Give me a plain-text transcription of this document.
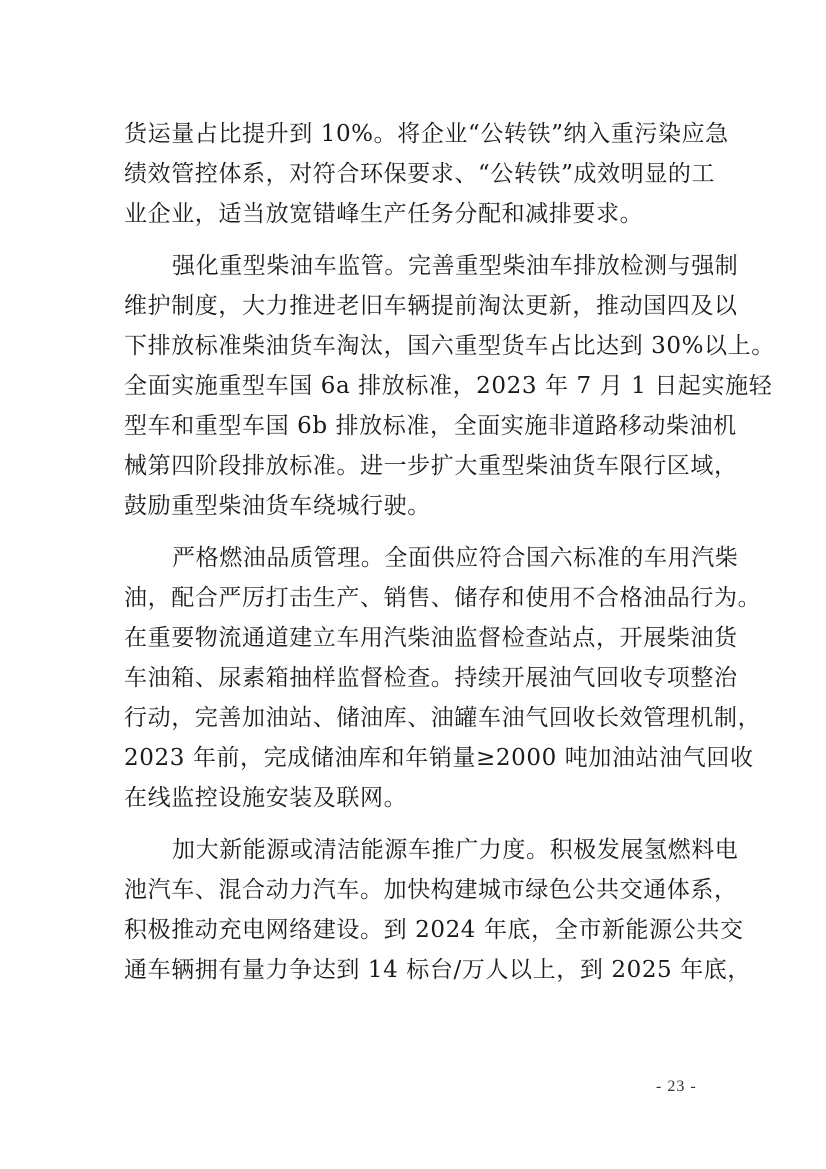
货运量占比提升到 10%。将企业“公转铁”纳入重污染应急
绩效管控体系，对符合环保要求、“公转铁”成效明显的工
业企业，适当放宽错峰生产任务分配和减排要求。
强化重型柴油车监管。完善重型柴油车排放检测与强制
维护制度，大力推进老旧车辆提前淘汰更新，推动国四及以
下排放标准柴油货车淘汰，国六重型货车占比达到 30%以上。
全面实施重型车国 6a 排放标准，2023 年 7 月 1 日起实施轻
型车和重型车国 6b 排放标准，全面实施非道路移动柴油机
械第四阶段排放标准。进一步扩大重型柴油货车限行区域，
鼓励重型柴油货车绕城行驶。
严格燃油品质管理。全面供应符合国六标准的车用汽柴
油，配合严厉打击生产、销售、储存和使用不合格油品行为。
在重要物流通道建立车用汽柴油监督检查站点，开展柴油货
车油箱、尿素箱抽样监督检查。持续开展油气回收专项整治
行动，完善加油站、储油库、油罐车油气回收长效管理机制，
2023 年前，完成储油库和年销量≥2000 吨加油站油气回收
在线监控设施安装及联网。
加大新能源或清洁能源车推广力度。积极发展氢燃料电
池汽车、混合动力汽车。加快构建城市绿色公共交通体系，
积极推动充电网络建设。到 2024 年底，全市新能源公共交
通车辆拥有量力争达到 14 标台/万人以上，到 2025 年底，
- 23 -
